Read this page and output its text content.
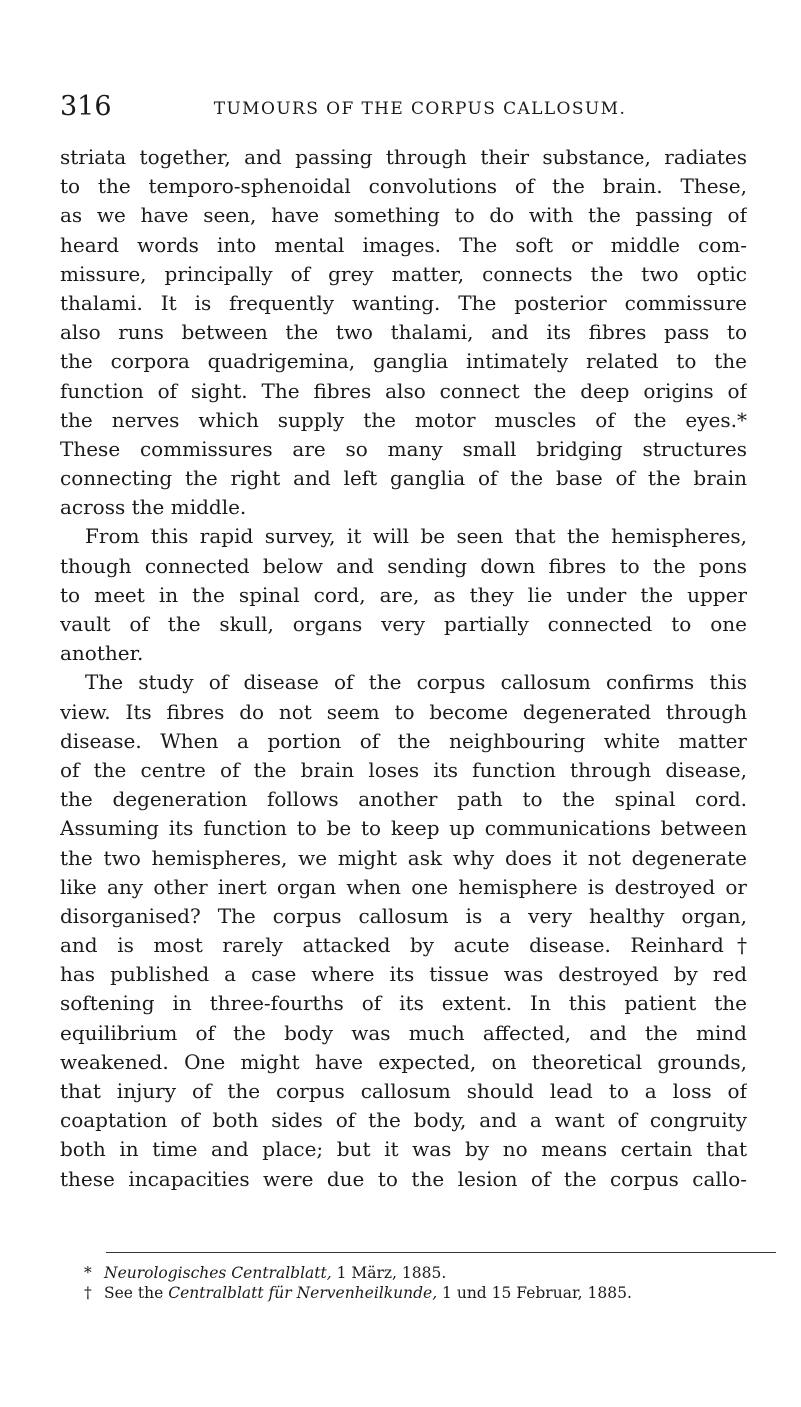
316	TUMOURS OF THE CORPUS CALLOSUM.
striata together, and passing through their substance, radiates
to the temporo-sphenoidal convolutions of the brain. These,
as we have seen, have something to do with the passing of
heard words into mental images. The soft or middle com-
missure, principally of grey matter, connects the two optic
thalami. It is frequently wanting. The posterior commissure
also runs between the two thalami, and its fibres pass to
the corpora quadrigemina, ganglia intimately related to the
function of sight. The fibres also connect the deep origins of
the nerves which supply the motor muscles of the eyes.*
These commissures are so many small bridging structures
connecting the right and left ganglia of the base of the brain
across the middle.
From this rapid survey, it will be seen that the hemispheres,
though connected below and sending down fibres to the pons
to meet in the spinal cord, are, as they lie under the upper
vault of the skull, organs very partially connected to one
another.
The study of disease of the corpus callosum confirms this
view. Its fibres do not seem to become degenerated through
disease. When a portion of the neighbouring white matter
of the centre of the brain loses its function through disease,
the degeneration follows another path to the spinal cord.
Assuming its function to be to keep up communications between
the two hemispheres, we might ask why does it not degenerate
like any other inert organ when one hemisphere is destroyed or
disorganised? The corpus callosum is a very healthy organ,
and is most rarely attacked by acute disease. Reinhard†
has published a case where its tissue was destroyed by red
softening in three-fourths of its extent. In this patient the
equilibrium of the body was much affected, and the mind
weakened. One might have expected, on theoretical grounds,
that injury of the corpus callosum should lead to a loss of
coaptation of both sides of the body, and a want of congruity
both in time and place; but it was by no means certain that
these incapacities were due to the lesion of the corpus callo-
* Neurologisches Centralblatt, 1 März, 1885.
† See the Centralblatt für Nervenheilkunde, 1 und 15 Februar, 1885.
